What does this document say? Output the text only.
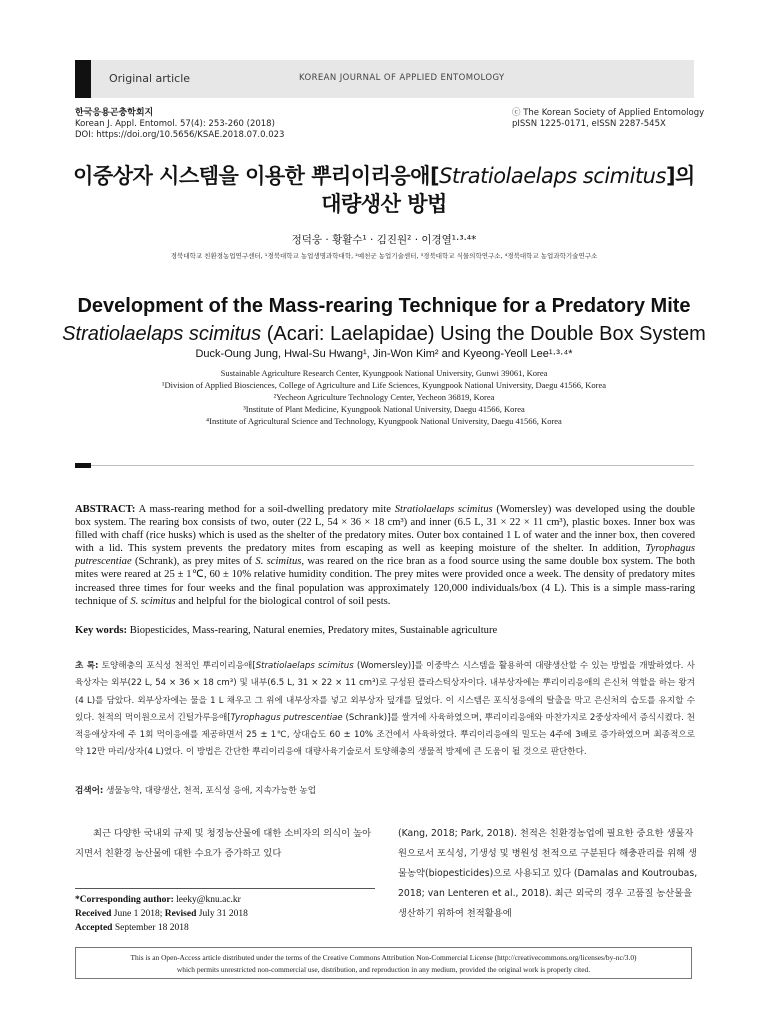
Original article	KOREAN JOURNAL OF APPLIED ENTOMOLOGY
한국응용곤충학회지
Korean J. Appl. Entomol. 57(4): 253-260 (2018)
DOI: https://doi.org/10.5656/KSAE.2018.07.0.023
ⓒ The Korean Society of Applied Entomology
pISSN 1225-0171, eISSN 2287-545X
이중상자 시스템을 이용한 뿌리이리응애[Stratiolaelaps scimitus]의
대량생산 방법
정덕웅 · 황활수¹ · 김진원² · 이경열¹·³·⁴*
경북대학교 친환경농업연구센터, ¹경북대학교 농업생명과학대학, ²예천군 농업기술센터, ³경북대학교 식물의학연구소, ⁴경북대학교 농업과학기술연구소
Development of the Mass-rearing Technique for a Predatory Mite
Stratiolaelaps scimitus (Acari: Laelapidae) Using the Double Box System
Duck-Oung Jung, Hwal-Su Hwang¹, Jin-Won Kim² and Kyeong-Yeoll Lee¹·³·⁴*
Sustainable Agriculture Research Center, Kyungpook National University, Gunwi 39061, Korea
¹Division of Applied Biosciences, College of Agriculture and Life Sciences, Kyungpook National University, Daegu 41566, Korea
²Yecheon Agriculture Technology Center, Yecheon 36819, Korea
³Institute of Plant Medicine, Kyungpook National University, Daegu 41566, Korea
⁴Institute of Agricultural Science and Technology, Kyungpook National University, Daegu 41566, Korea
ABSTRACT: A mass-rearing method for a soil-dwelling predatory mite Stratiolaelaps scimitus (Womersley) was developed using the double box system. The rearing box consists of two, outer (22 L, 54 × 36 × 18 cm³) and inner (6.5 L, 31 × 22 × 11 cm³), plastic boxes. Inner box was filled with chaff (rice husks) which is used as the shelter of the predatory mites. Outer box contained 1 L of water and the inner box, then covered with a lid. This system prevents the predatory mites from escaping as well as keeping moisture of the shelter. In addition, Tyrophagus putrescentiae (Schrank), as prey mites of S. scimitus, was reared on the rice bran as a food source using the same double box system. The both mites were reared at 25 ± 1℃, 60 ± 10% relative humidity condition. The prey mites were provided once a week. The density of predatory mites increased three times for four weeks and the final population was approximately 120,000 individuals/box (4 L). This is a simple mass-raring technique of S. scimitus and helpful for the biological control of soil pests.
Key words: Biopesticides, Mass-rearing, Natural enemies, Predatory mites, Sustainable agriculture
초 록: 토양해충의 포식성 천적인 뿌리이리응애[Stratiolaelaps scimitus (Womersley)]를 이중박스 시스템을 활용하여 대량생산할 수 있는 방법을 개발하였다. 사육상자는 외부(22 L, 54 × 36 × 18 cm³) 및 내부(6.5 L, 31 × 22 × 11 cm³)로 구성된 플라스틱상자이다. 내부상자에는 뿌리이리응애의 은신처 역할을 하는 왕겨(4 L)를 담았다. 외부상자에는 물을 1 L 채우고 그 위에 내부상자를 넣고 외부상자 덮개를 덮었다. 이 시스템은 포식성응애의 탈출을 막고 은신처의 습도를 유지할 수 있다. 천적의 먹이원으로서 긴털가루응애[Tyrophagus putrescentiae (Schrank)]를 쌀겨에 사육하였으며, 뿌리이리응애와 마찬가지로 2중상자에서 증식시켰다. 천적응애상자에 주 1회 먹이응애를 제공하면서 25 ± 1℃, 상대습도 60 ± 10% 조건에서 사육하였다. 뿌리이리응애의 밀도는 4주에 3배로 증가하였으며 최종적으로 약 12만 마리/상자(4 L)였다. 이 방법은 간단한 뿌리이리응애 대량사육기술로서 토양해충의 생물적 방제에 큰 도움이 될 것으로 판단한다.
검색어: 생물농약, 대량생산, 천적, 포식성 응애, 지속가능한 농업
최근 다양한 국내외 규제 및 청정농산물에 대한 소비자의 의식이 높아지면서 친환경 농산물에 대한 수요가 증가하고 있다
(Kang, 2018; Park, 2018). 천적은 친환경농업에 필요한 중요한 생물자원으로서 포식성, 기생성 및 병원성 천적으로 구분된다 해충관리를 위해 생물농약(biopesticides)으로 사용되고 있다 (Damalas and Koutroubas, 2018; van Lenteren et al., 2018). 최근 외국의 경우 고품질 농산물을 생산하기 위하여 천적활용에
*Corresponding author: leeky@knu.ac.kr
Received June 1 2018; Revised July 31 2018
Accepted September 18 2018
This is an Open-Access article distributed under the terms of the Creative Commons Attribution Non-Commercial License (http://creativecommons.org/licenses/by-nc/3.0)
which permits unrestricted non-commercial use, distribution, and reproduction in any medium, provided the original work is properly cited.
